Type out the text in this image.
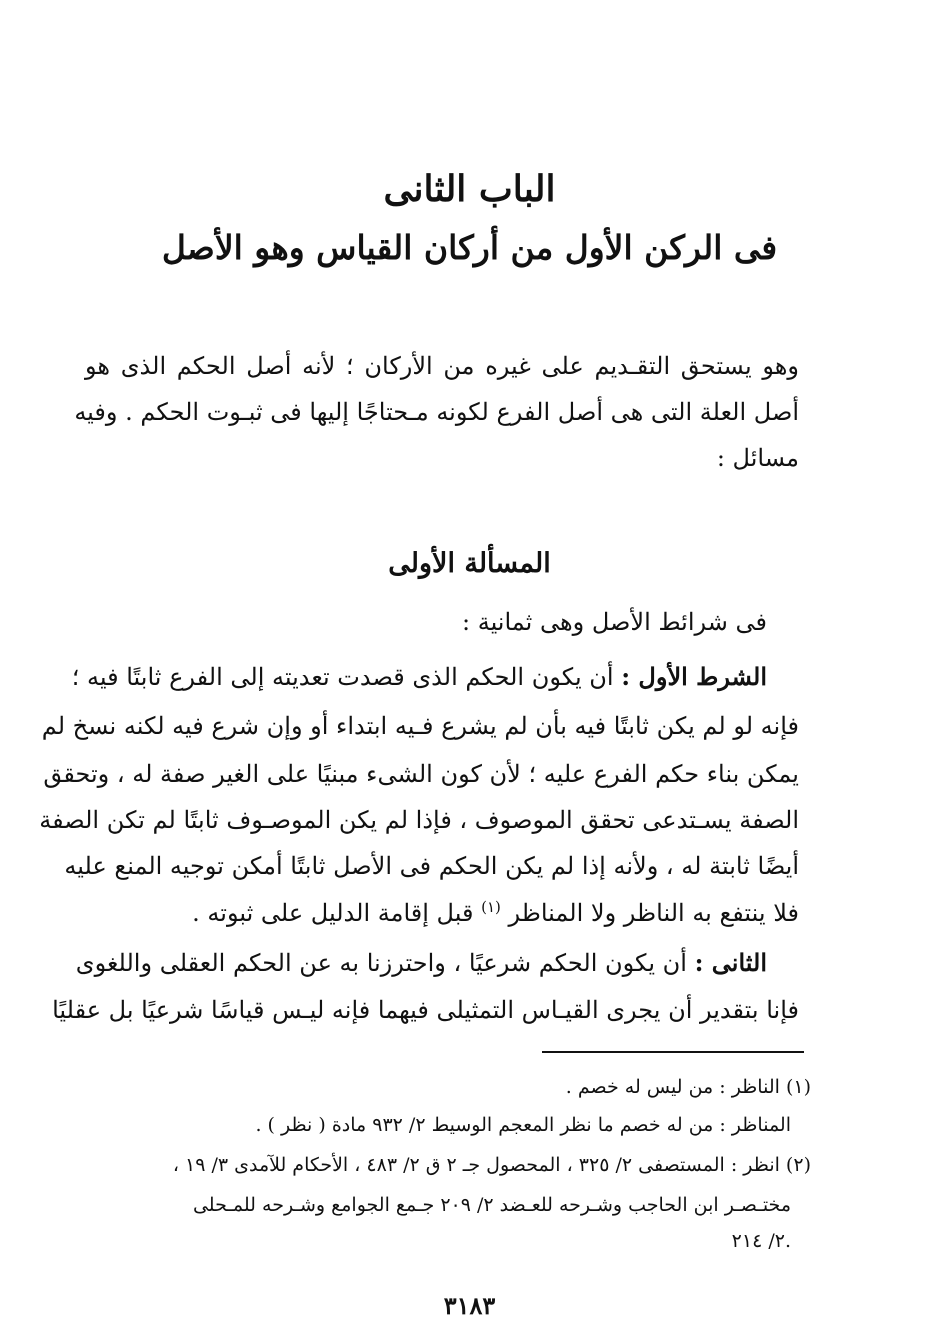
الباب الثانى
فى الركن الأول من أركان القياس وهو الأصل
وهو يستحق التقـديم على غيره من الأركان ؛ لأنه أصل الحكم الذى هو
أصل العلة التى هى أصل الفرع لكونه مـحتاجًا إليها فى ثبـوت الحكم . وفيه
مسائل :
المسألة الأولى
فى شرائط الأصل وهى ثمانية :
الشرط الأول : أن يكون الحكم الذى قصدت تعديته إلى الفرع ثابتًا فيه ؛
فإنه لو لم يكن ثابتًا فيه بأن لم يشرع فـيه ابتداء أو وإن شرع فيه لكنه نسخ لم
يمكن بناء حكم الفرع عليه ؛ لأن كون الشىء مبنيًا على الغير صفة له ، وتحقق
الصفة يسـتدعى تحقق الموصوف ، فإذا لم يكن الموصـوف ثابتًا لم تكن الصفة
أيضًا ثابتة له ، ولأنه إذا لم يكن الحكم فى الأصل ثابتًا أمكن توجيه المنع عليه
فلا ينتفع به الناظر ولا المناظر $^{(١)}$ قبل إقامة الدليل على ثبوته .
الثانى : أن يكون الحكم شرعيًا ، واحترزنا به عن الحكم العقلى واللغوى
فإنا بتقدير أن يجرى القيـاس التمثيلى فيهما فإنه ليـس قياسًا شرعيًا بل عقليًا
(١) الناظر : من ليس له خصم .
المناظر : من له خصم ما نظر المعجم الوسيط ٢/ ٩٣٢ مادة ( نظر ) .
(٢) انظر : المستصفى ٢/ ٣٢٥ ، المحصول جـ ٢ ق ٢/ ٤٨٣ ، الأحكام للآمدى ٣/ ١٩ ،
مختـصـر ابن الحاجب وشـرحه للعـضد ٢/ ٢٠٩ جـمع الجوامع وشـرحه للمـحلى
٢/ ٢١٤.
٣١٨٣
